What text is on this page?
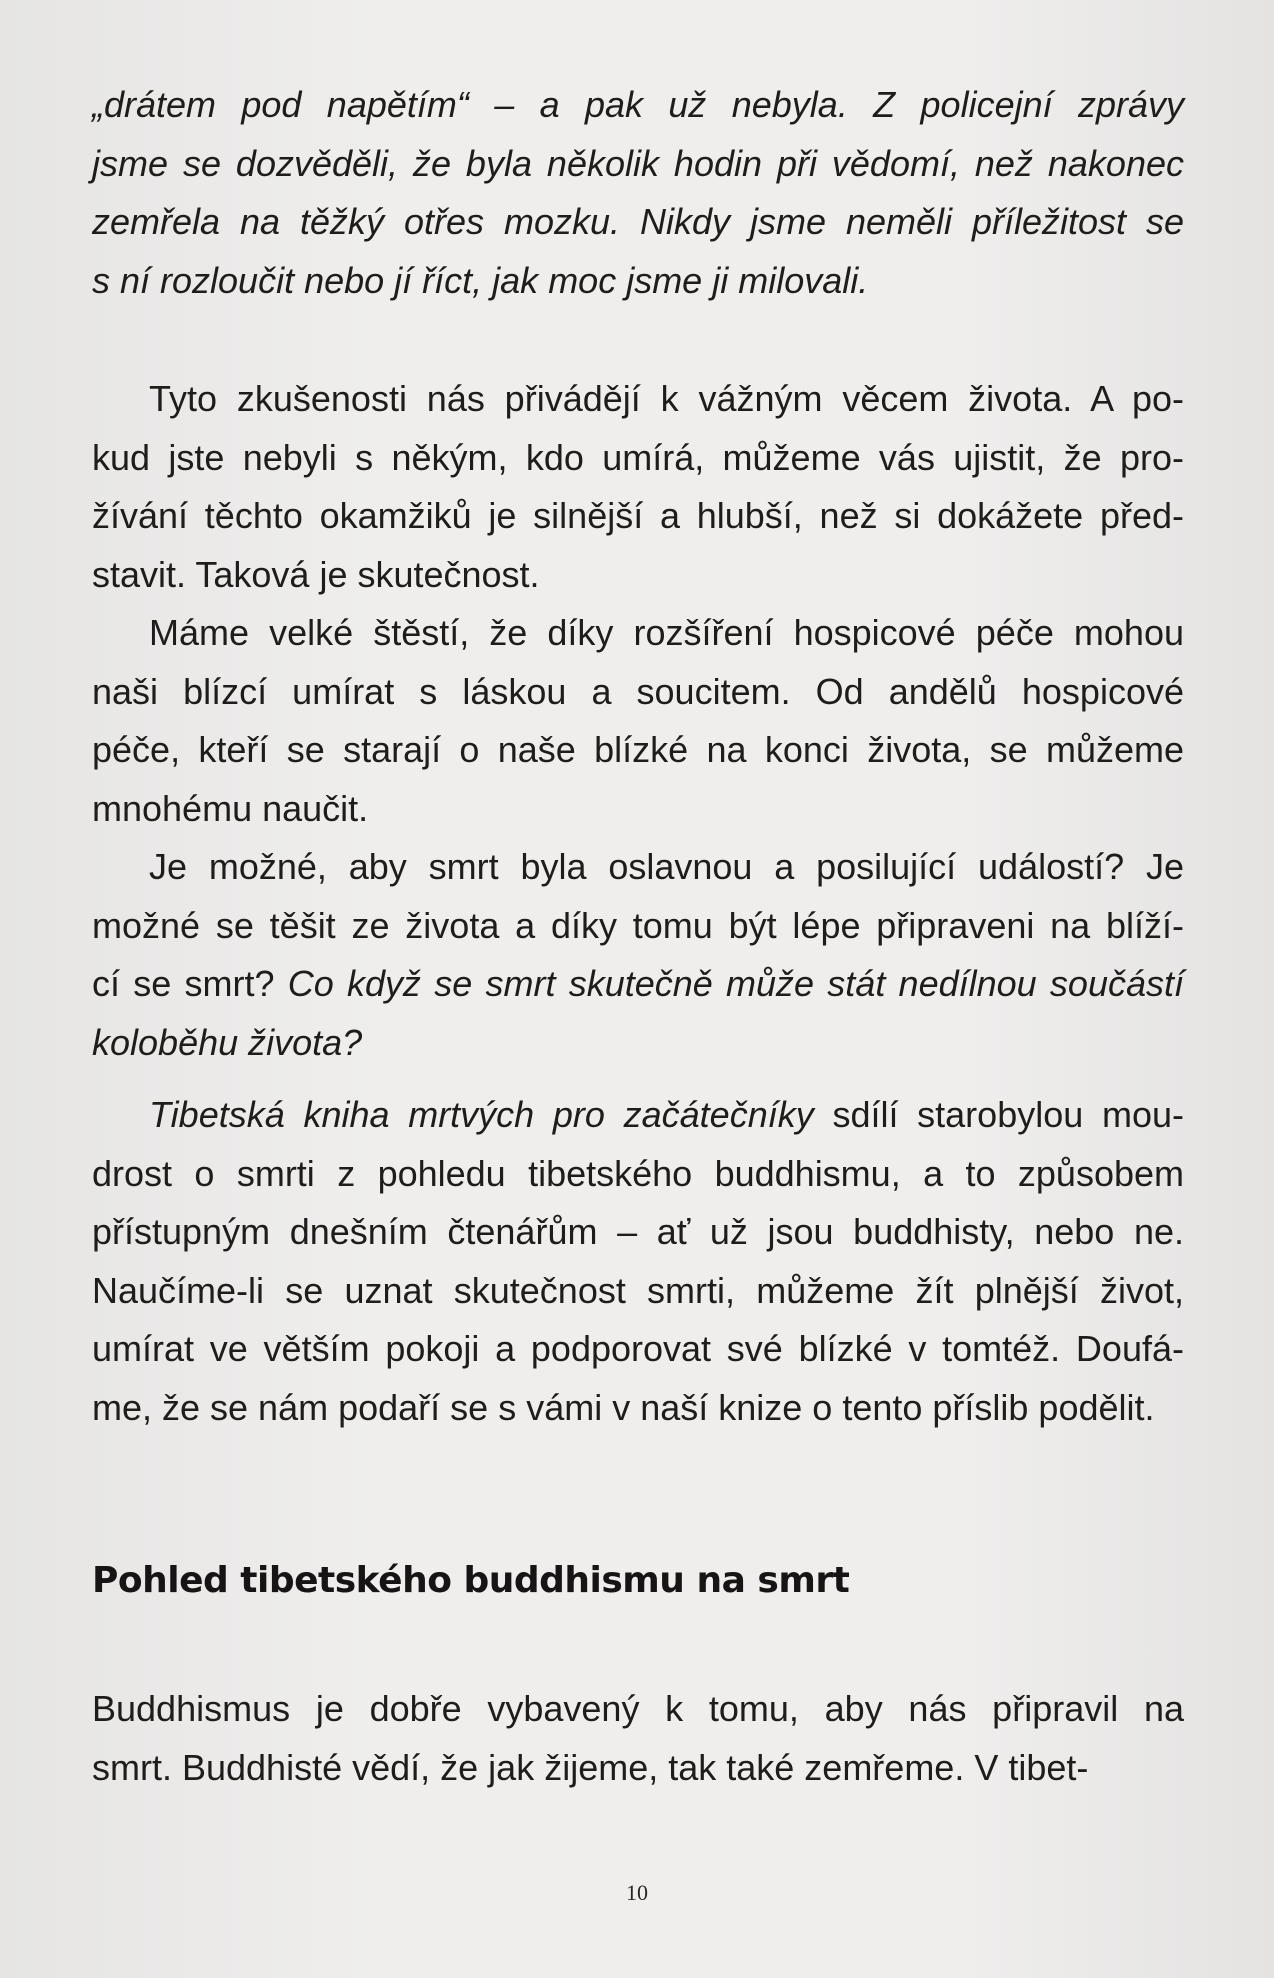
„drátem pod napětím“ – a pak už nebyla. Z policejní zprávy
jsme se dozvěděli, že byla několik hodin při vědomí, než nakonec
zemřela na těžký otřes mozku. Nikdy jsme neměli příležitost se
s ní rozloučit nebo jí říct, jak moc jsme ji milovali.
Tyto zkušenosti nás přivádějí k vážným věcem života. A po-
kud jste nebyli s někým, kdo umírá, můžeme vás ujistit, že pro-
žívání těchto okamžiků je silnější a hlubší, než si dokážete před-
stavit. Taková je skutečnost.
Máme velké štěstí, že díky rozšíření hospicové péče mohou
naši blízcí umírat s láskou a soucitem. Od andělů hospicové
péče, kteří se starají o naše blízké na konci života, se můžeme
mnohému naučit.
Je možné, aby smrt byla oslavnou a posilující událostí? Je
možné se těšit ze života a díky tomu být lépe připraveni na blíží-
cí se smrt? Co když se smrt skutečně může stát nedílnou součástí
koloběhu života?
Tibetská kniha mrtvých pro začátečníky sdílí starobylou mou-
drost o smrti z pohledu tibetského buddhismu, a to způsobem
přístupným dnešním čtenářům – ať už jsou buddhisty, nebo ne.
Naučíme-li se uznat skutečnost smrti, můžeme žít plnější život,
umírat ve větším pokoji a podporovat své blízké v tomtéž. Doufá-
me, že se nám podaří se s vámi v naší knize o tento příslib podělit.
Pohled tibetského buddhismu na smrt
Buddhismus je dobře vybavený k tomu, aby nás připravil na
smrt. Buddhisté vědí, že jak žijeme, tak také zemřeme. V tibet-
10
